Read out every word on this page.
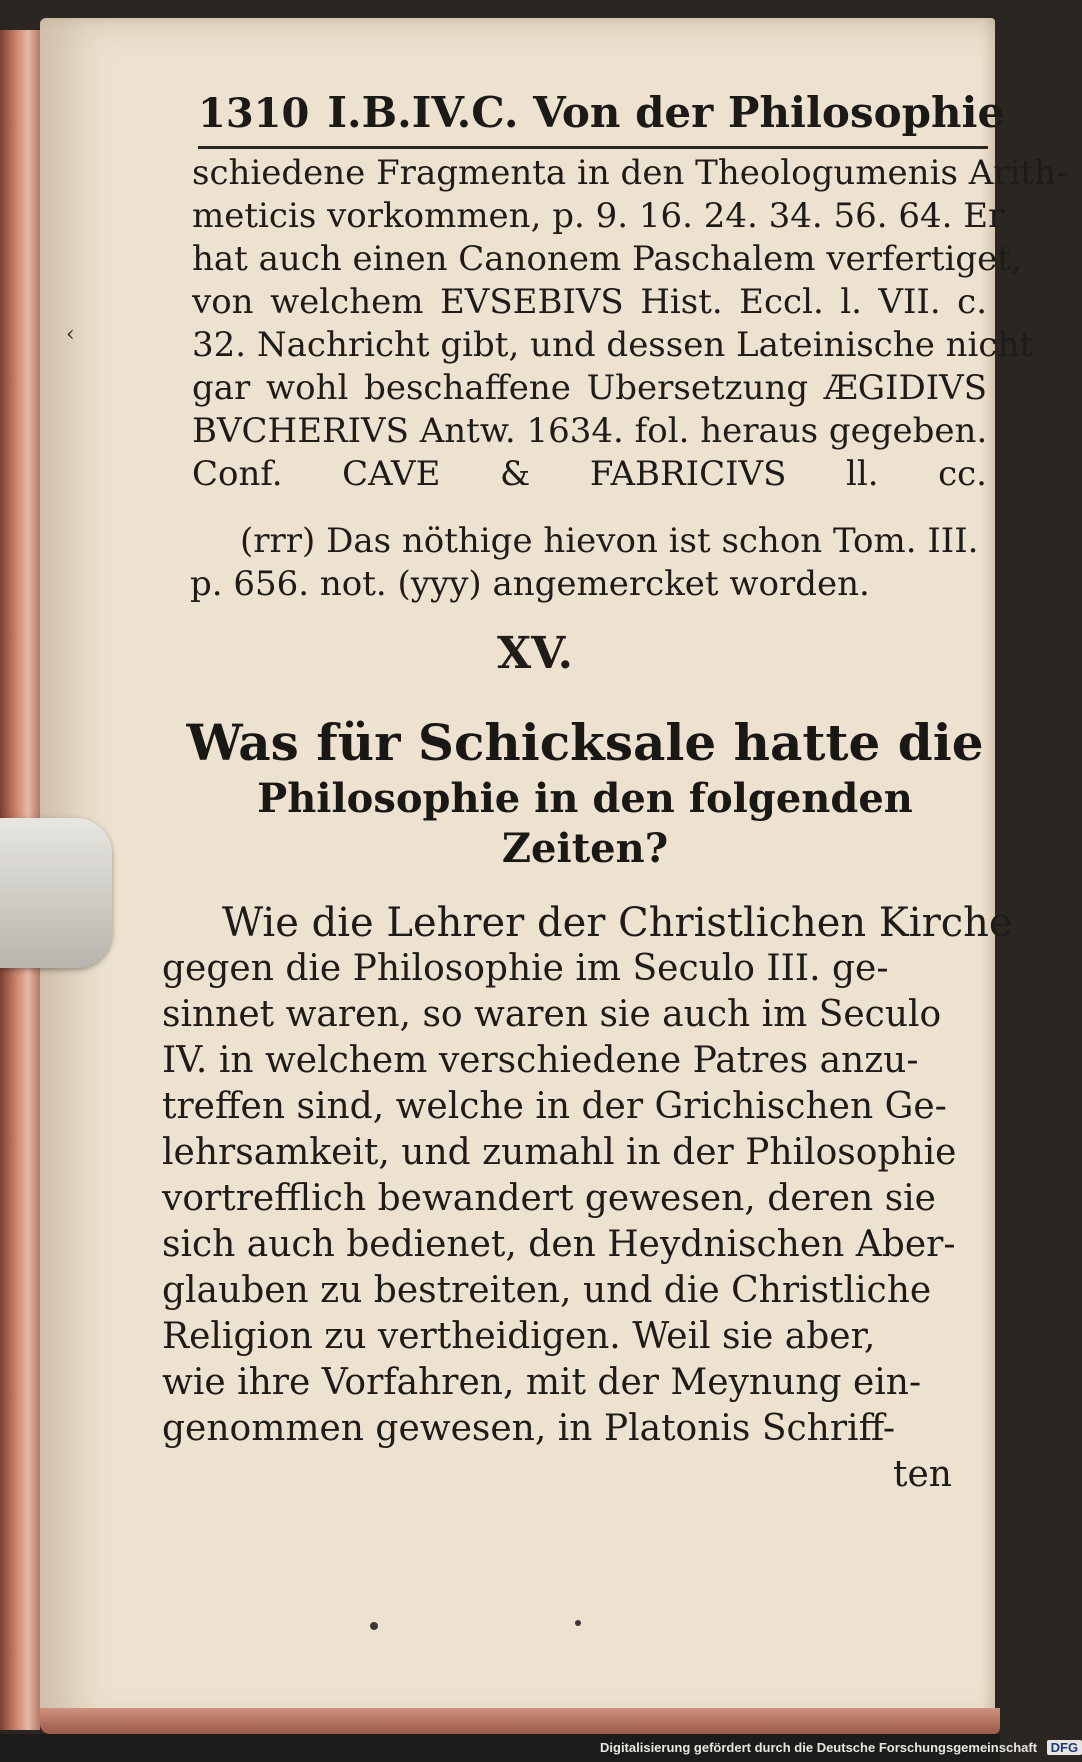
‹
1310 I.B.IV.C. Von der Philosophie
schiedene Fragmenta in den Theologumenis Arith-
meticis vorkommen, p. 9. 16. 24. 34. 56. 64. Er
hat auch einen Canonem Paschalem verfertiget,
von welchem EVSEBIVS Hist. Eccl. l. VII. c.
32. Nachricht gibt, und dessen Lateinische nicht
gar wohl beschaffene Ubersetzung ÆGIDIVS
BVCHERIVS Antw. 1634. fol. heraus gegeben.
Conf. CAVE & FABRICIVS ll. cc.
(rrr) Das nöthige hievon ist schon Tom. III.
p. 656. not. (yyy) angemercket worden.
XV.
Was für Schicksale hatte die
Philosophie in den folgenden
Zeiten?
Wie die Lehrer der Christlichen Kirche
gegen die Philosophie im Seculo III. ge-
sinnet waren, so waren sie auch im Seculo
IV. in welchem verschiedene Patres anzu-
treffen sind, welche in der Grichischen Ge-
lehrsamkeit, und zumahl in der Philosophie
vortrefflich bewandert gewesen, deren sie
sich auch bedienet, den Heydnischen Aber-
glauben zu bestreiten, und die Christliche
Religion zu vertheidigen. Weil sie aber,
wie ihre Vorfahren, mit der Meynung ein-
genommen gewesen, in Platonis Schriff-
ten
Digitalisierung gefördert durch die Deutsche Forschungsgemeinschaft DFG
